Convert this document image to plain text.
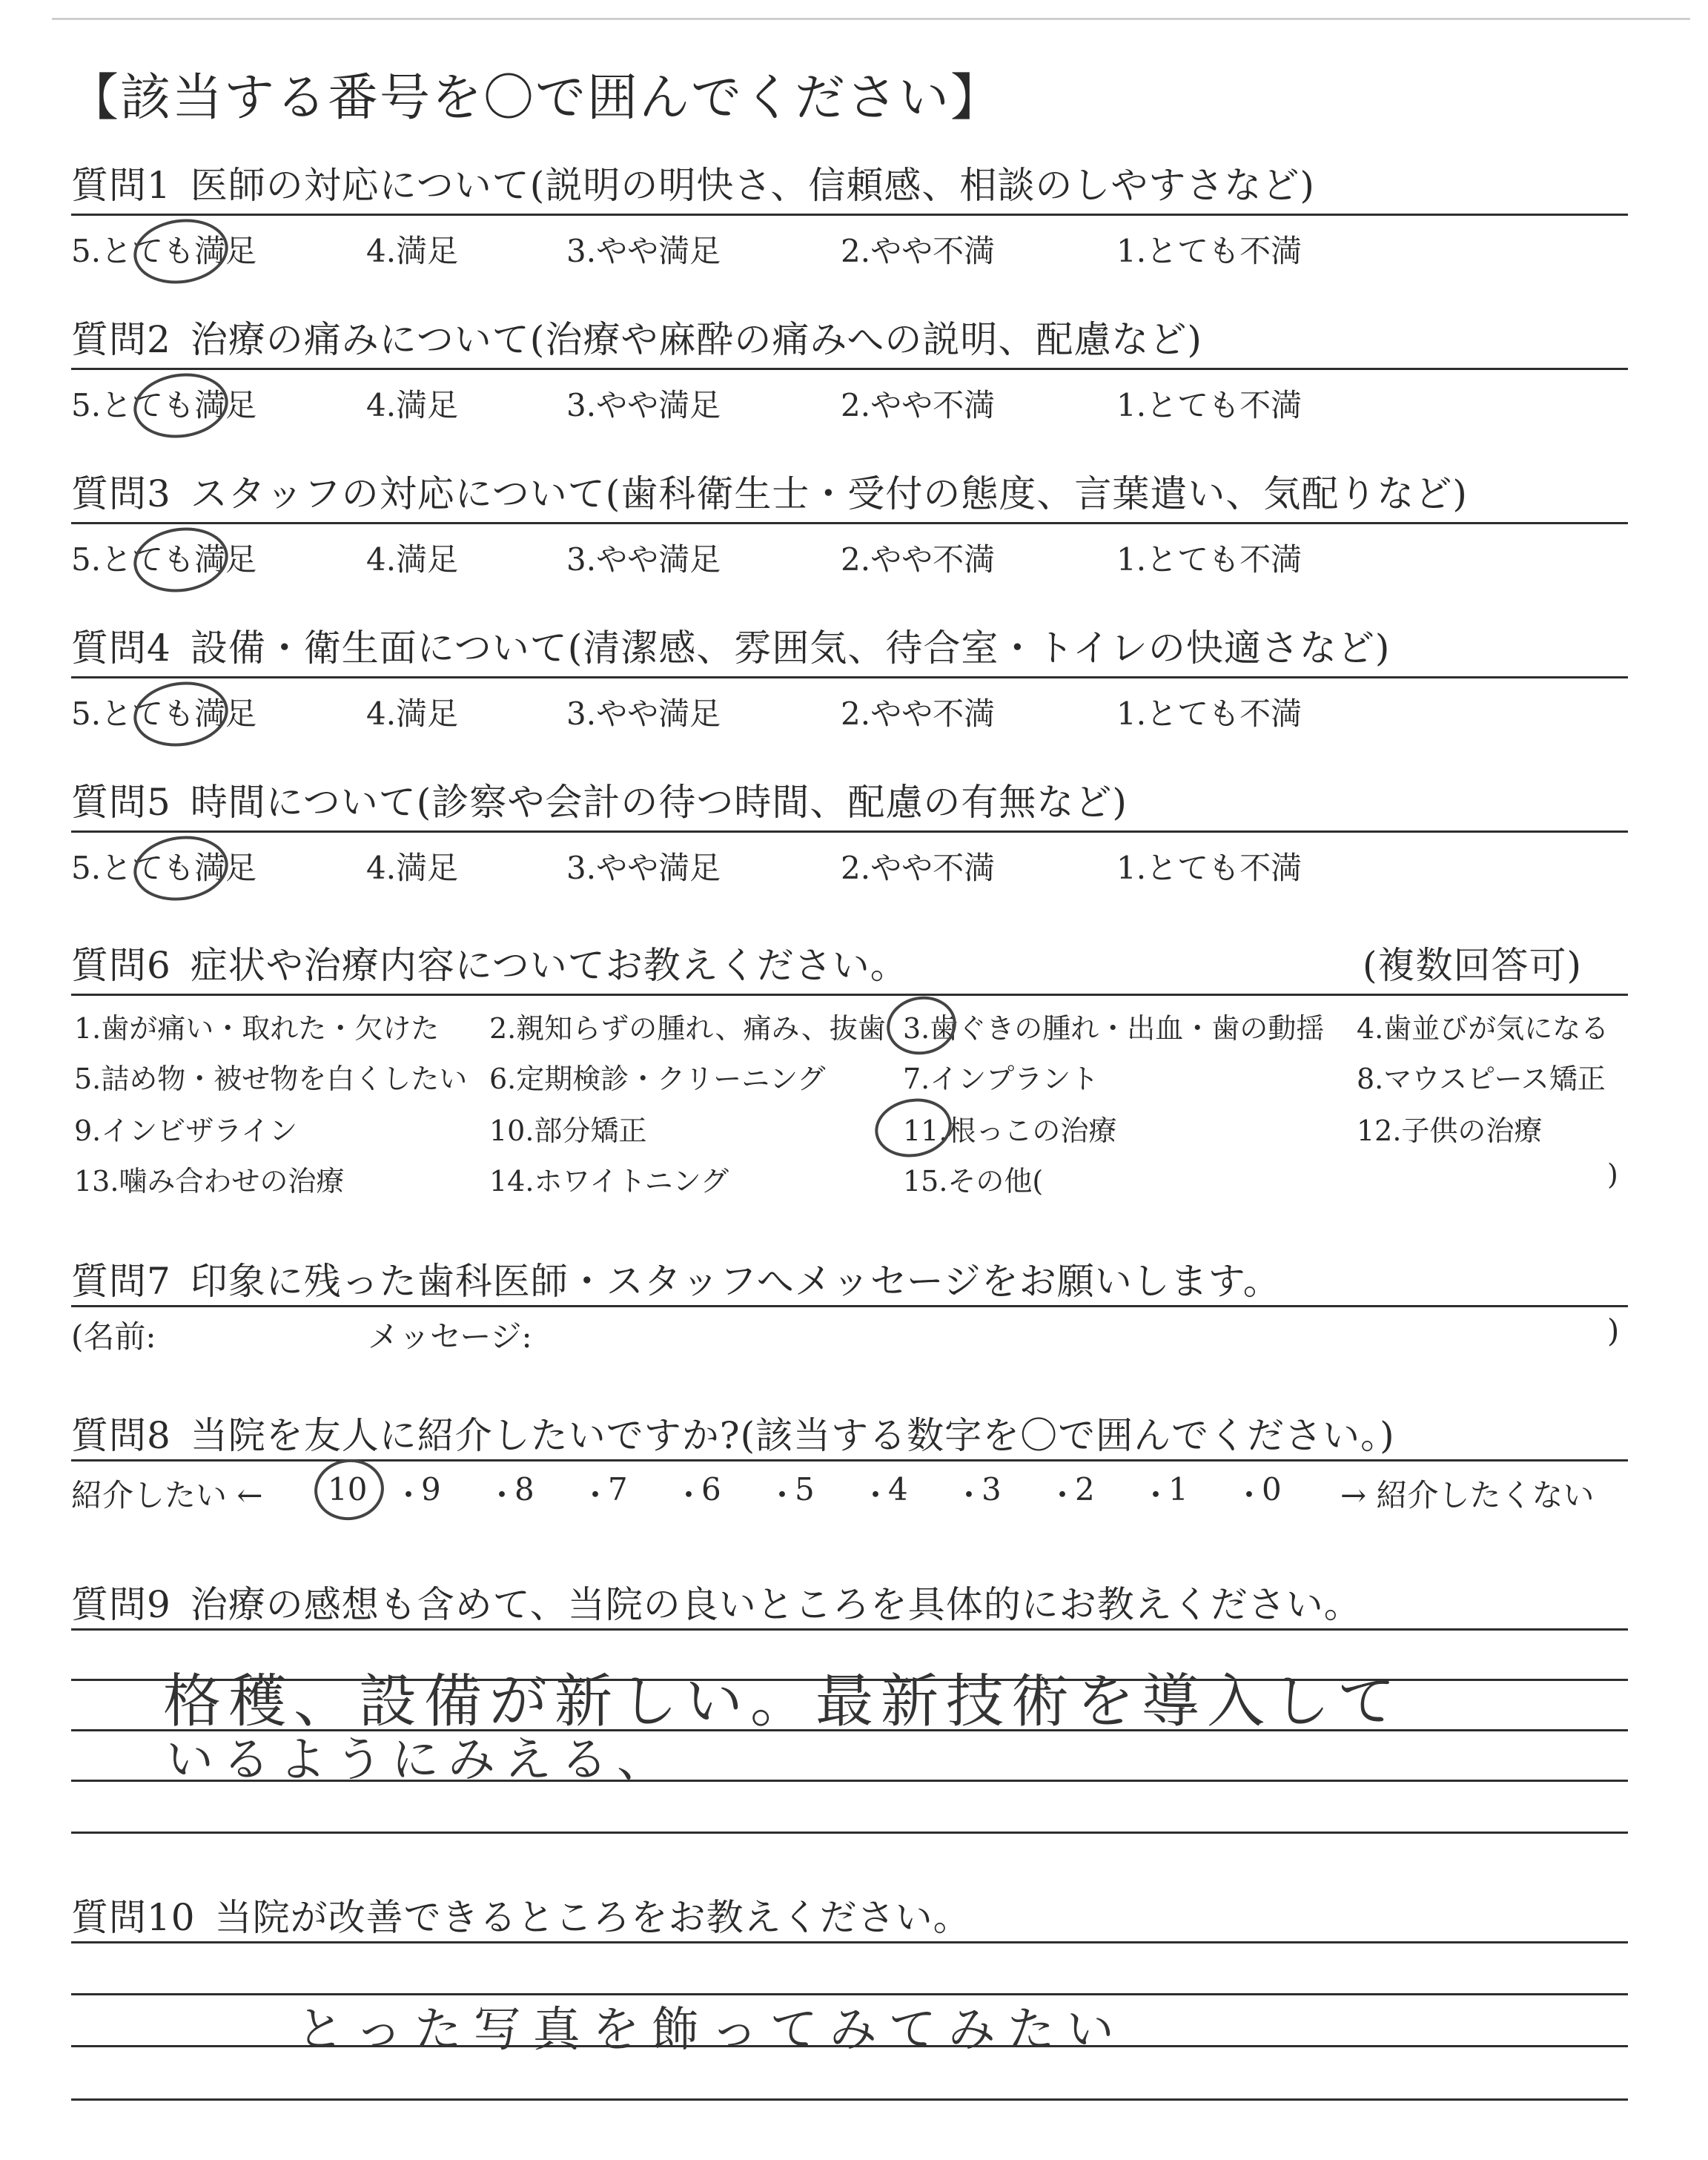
【該当する番号を〇で囲んでください】
質問1 医師の対応について(説明の明快さ、信頼感、相談のしやすさなど)
5.とても満足	4.満足	3.やや満足	2.やや不満	1.とても不満
質問2 治療の痛みについて(治療や麻酔の痛みへの説明、配慮など)
5.とても満足	4.満足	3.やや満足	2.やや不満	1.とても不満
質問3 スタッフの対応について(歯科衛生士・受付の態度、言葉遣い、気配りなど)
5.とても満足	4.満足	3.やや満足	2.やや不満	1.とても不満
質問4 設備・衛生面について(清潔感、雰囲気、待合室・トイレの快適さなど)
5.とても満足	4.満足	3.やや満足	2.やや不満	1.とても不満
質問5 時間について(診察や会計の待つ時間、配慮の有無など)
5.とても満足	4.満足	3.やや満足	2.やや不満	1.とても不満
質問6 症状や治療内容についてお教えください。	(複数回答可)
1.歯が痛い・取れた・欠けた 2.親知らずの腫れ、痛み、抜歯 3.歯ぐきの腫れ・出血・歯の動揺 4.歯並びが気になる
5.詰め物・被せ物を白くしたい 6.定期検診・クリーニング	7.インプラント	8.マウスピース矯正
9.インビザライン	10.部分矯正	11.根っこの治療	12.子供の治療
13.噛み合わせの治療	14.ホワイトニング	15.その他(	)
質問7 印象に残った歯科医師・スタッフへメッセージをお願いします。
(名前:	メッセージ:	)
質問8 当院を友人に紹介したいですか?(該当する数字を〇で囲んでください。)
紹介したい ←	→ 紹介したくない
10 ・
9 ・
8 ・
7 ・
6 ・
5 ・
4 ・
3 ・
2 ・
1 ・
0
質問9 治療の感想も含めて、当院の良いところを具体的にお教えください。
格穫、設備が新しい。最新技術を導入して
いるようにみえる、
質問10 当院が改善できるところをお教えください。
とった写真を飾ってみてみたい
